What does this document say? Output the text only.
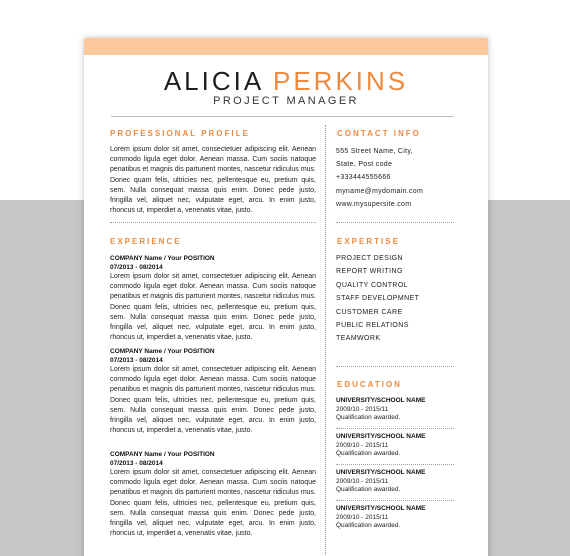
ALICIA PERKINS
PROJECT MANAGER
PROFESSIONAL PROFILE
Lorem ipsum dolor sit amet, consectetuer adipiscing elit. Aenean commodo ligula eget dolor. Aenean massa. Cum sociis natoque penatibus et magnis dis parturient montes, nascetur ridiculus mus. Donec quam felis, ultricies nec, pellentesque eu, pretium quis, sem. Nulla consequat massa quis enim. Donec pede justo, fringilla vel, aliquet nec, vulputate eget, arcu. In enim justo, rhoncus ut, imperdiet a, venenatis vitae, justo.
CONTACT INFO
555 Street Name, City,
State, Post code
+333444555666
myname@mydomain.com
www.mysupersite.com
EXPERIENCE
COMPANY Name / Your POSITION
07/2013 - 08/2014
Lorem ipsum dolor sit amet, consectetuer adipiscing elit. Aenean commodo ligula eget dolor. Aenean massa. Cum sociis natoque penatibus et magnis dis parturient montes, nascetur ridiculus mus. Donec quam felis, ultricies nec, pellentesque eu, pretium quis, sem. Nulla consequat massa quis enim. Donec pede justo, fringilla vel, aliquet nec, vulputate eget, arcu. In enim justo, rhoncus ut, imperdiet a, venenatis vitae, justo.
COMPANY Name / Your POSITION
07/2013 - 08/2014
Lorem ipsum dolor sit amet, consectetuer adipiscing elit. Aenean commodo ligula eget dolor. Aenean massa. Cum sociis natoque penatibus et magnis dis parturient montes, nascetur ridiculus mus. Donec quam felis, ultricies nec, pellentesque eu, pretium quis, sem. Nulla consequat massa quis enim. Donec pede justo, fringilla vel, aliquet nec, vulputate eget, arcu. In enim justo, rhoncus ut, imperdiet a, venenatis vitae, justo.
COMPANY Name / Your POSITION
07/2013 - 08/2014
Lorem ipsum dolor sit amet, consectetuer adipiscing elit. Aenean commodo ligula eget dolor. Aenean massa. Cum sociis natoque penatibus et magnis dis parturient montes, nascetur ridiculus mus. Donec quam felis, ultricies nec, pellentesque eu, pretium quis, sem. Nulla consequat massa quis enim. Donec pede justo, fringilla vel, aliquet nec, vulputate eget, arcu. In enim justo, rhoncus ut, imperdiet a, venenatis vitae, justo.
EXPERTISE
PROJECT DESIGN
REPORT WRITING
QUALITY CONTROL
STAFF DEVELOPMNET
CUSTOMER CARE
PUBLIC RELATIONS
TEAMWORK
EDUCATION
UNIVERSITY/SCHOOL NAME
2009/10 - 2015/11
Qualification awarded.
UNIVERSITY/SCHOOL NAME
2009/10 - 2015/11
Qualification awarded.
UNIVERSITY/SCHOOL NAME
2009/10 - 2015/11
Qualification awarded.
UNIVERSITY/SCHOOL NAME
2009/10 - 2015/11
Qualification awarded.
